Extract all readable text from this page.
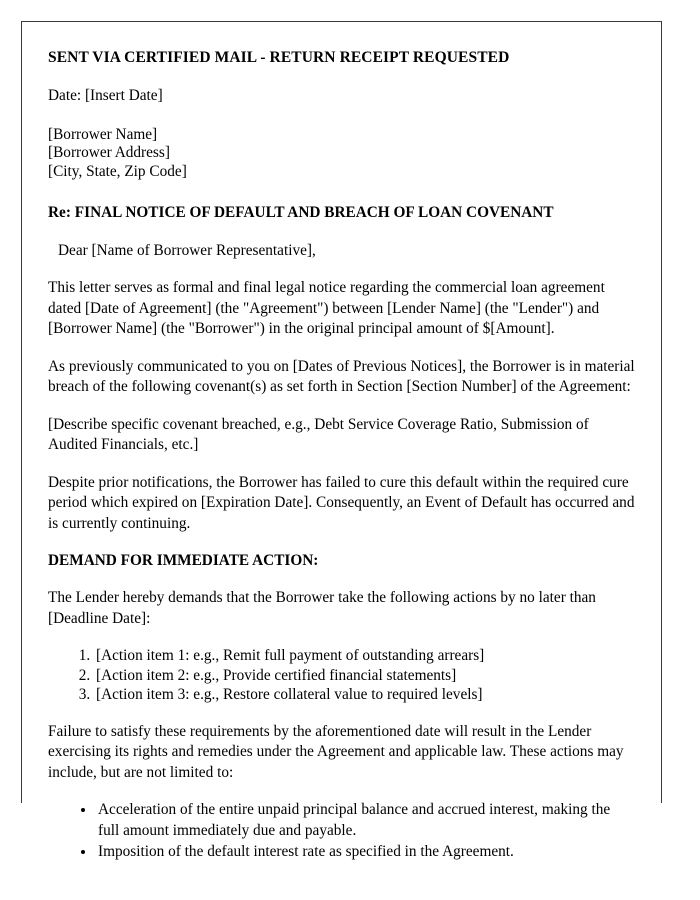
SENT VIA CERTIFIED MAIL - RETURN RECEIPT REQUESTED

Date: [Insert Date]

[Borrower Name]
[Borrower Address]
[City, State, Zip Code]

Re: FINAL NOTICE OF DEFAULT AND BREACH OF LOAN COVENANT

Dear [Name of Borrower Representative],

This letter serves as formal and final legal notice regarding the commercial loan agreement dated [Date of Agreement] (the "Agreement") between [Lender Name] (the "Lender") and [Borrower Name] (the "Borrower") in the original principal amount of $[Amount].

As previously communicated to you on [Dates of Previous Notices], the Borrower is in material breach of the following covenant(s) as set forth in Section [Section Number] of the Agreement:

[Describe specific covenant breached, e.g., Debt Service Coverage Ratio, Submission of Audited Financials, etc.]

Despite prior notifications, the Borrower has failed to cure this default within the required cure period which expired on [Expiration Date]. Consequently, an Event of Default has occurred and is currently continuing.

DEMAND FOR IMMEDIATE ACTION:

The Lender hereby demands that the Borrower take the following actions by no later than [Deadline Date]:

1. [Action item 1: e.g., Remit full payment of outstanding arrears]
2. [Action item 2: e.g., Provide certified financial statements]
3. [Action item 3: e.g., Restore collateral value to required levels]

Failure to satisfy these requirements by the aforementioned date will result in the Lender exercising its rights and remedies under the Agreement and applicable law. These actions may include, but are not limited to:

• Acceleration of the entire unpaid principal balance and accrued interest, making the full amount immediately due and payable.
• Imposition of the default interest rate as specified in the Agreement.
